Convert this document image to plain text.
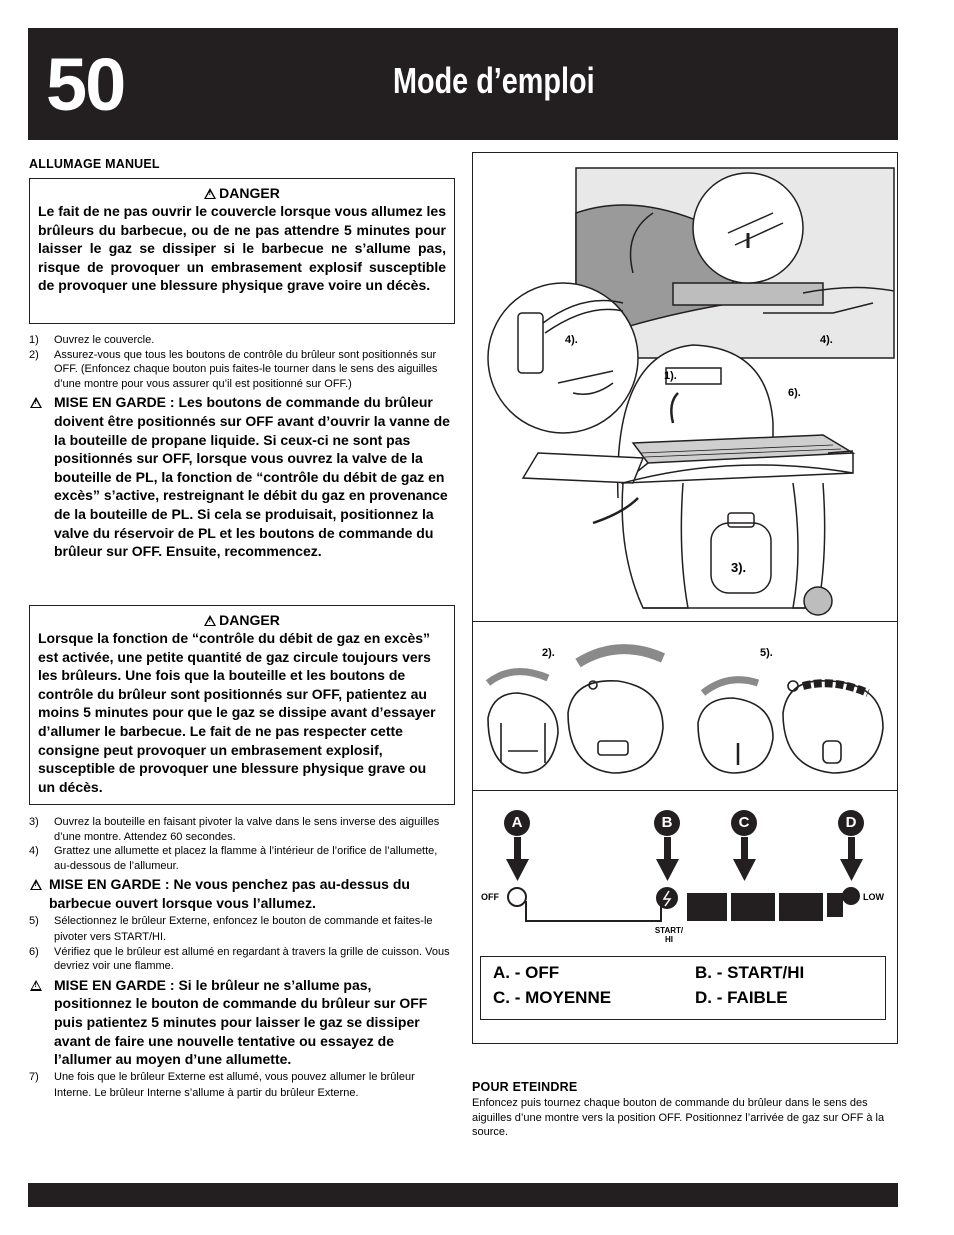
50	Mode d’emploi
ALLUMAGE MANUEL
!DANGER
Le fait de ne pas ouvrir le couvercle lorsque vous allumez les brûleurs du barbecue, ou de ne pas attendre 5 minutes pour laisser le gaz se dissiper si le barbecue ne s’allume pas, risque de provoquer un embrasement explosif susceptible de provoquer une blessure physique grave voire un décès.
1) Ouvrez le couvercle.
2) Assurez-vous que tous les boutons de contrôle du brûleur sont positionnés sur OFF. (Enfoncez chaque bouton puis faites-le tourner dans le sens des aiguilles d’une montre pour vous assurer qu’il est positionné sur OFF.)
!
MISE EN GARDE : Les boutons de commande du brûleur doivent être positionnés sur OFF avant d’ouvrir la vanne de la bouteille de propane liquide. Si ceux-ci ne sont pas positionnés sur OFF, lorsque vous ouvrez la valve de la bouteille de PL, la fonction de “contrôle du débit de gaz en excès” s’active, restreignant le débit du gaz en provenance de la bouteille de PL. Si cela se produisait, positionnez la valve du réservoir de PL et les boutons de commande du brûleur sur OFF. Ensuite, recommencez.
!DANGER
Lorsque la fonction de “contrôle du débit de gaz en excès” est activée, une petite quantité de gaz circule toujours vers les brûleurs. Une fois que la bouteille et les boutons de contrôle du brûleur sont positionnés sur OFF, patientez au moins 5 minutes pour que le gaz se dissipe avant d’essayer d’allumer le barbecue. Le fait de ne pas respecter cette consigne peut provoquer un embrasement explosif, susceptible de provoquer une blessure physique grave ou un décès.
3) Ouvrez la bouteille en faisant pivoter la valve dans le sens inverse des aiguilles d’une montre. Attendez 60 secondes.
4) Grattez une allumette et placez la flamme à l’intérieur de l’orifice de l’allumette, au-dessous de l’allumeur.
!
MISE EN GARDE : Ne vous penchez pas au-dessus du barbecue ouvert lorsque vous l’allumez.
5) Sélectionnez le brûleur Externe, enfoncez le bouton de commande et faites-le pivoter vers START/HI.
6) Vérifiez que le brûleur est allumé en regardant à travers la grille de cuisson. Vous devriez voir une flamme.
!
MISE EN GARDE : Si le brûleur ne s’allume pas, positionnez le bouton de commande du brûleur sur OFF puis patientez 5 minutes pour laisser le gaz se dissiper avant de faire une nouvelle tentative ou essayez de l’allumer au moyen d’une allumette.
7) Une fois que le brûleur Externe est allumé, vous pouvez allumer le brûleur Interne. Le brûleur Interne s’allume à partir du brûleur Externe.
4).	4).
1).
6).
3).
2).	5).
A	B	C	D
OFF
START/ HI
LOW
A. - OFF	B. - START/HI
C. - MOYENNE	D. - FAIBLE
POUR ETEINDRE
Enfoncez puis tournez chaque bouton de commande du brûleur dans le sens des aiguilles d’une montre vers la position OFF. Positionnez l’arrivée de gaz sur OFF à la source.
